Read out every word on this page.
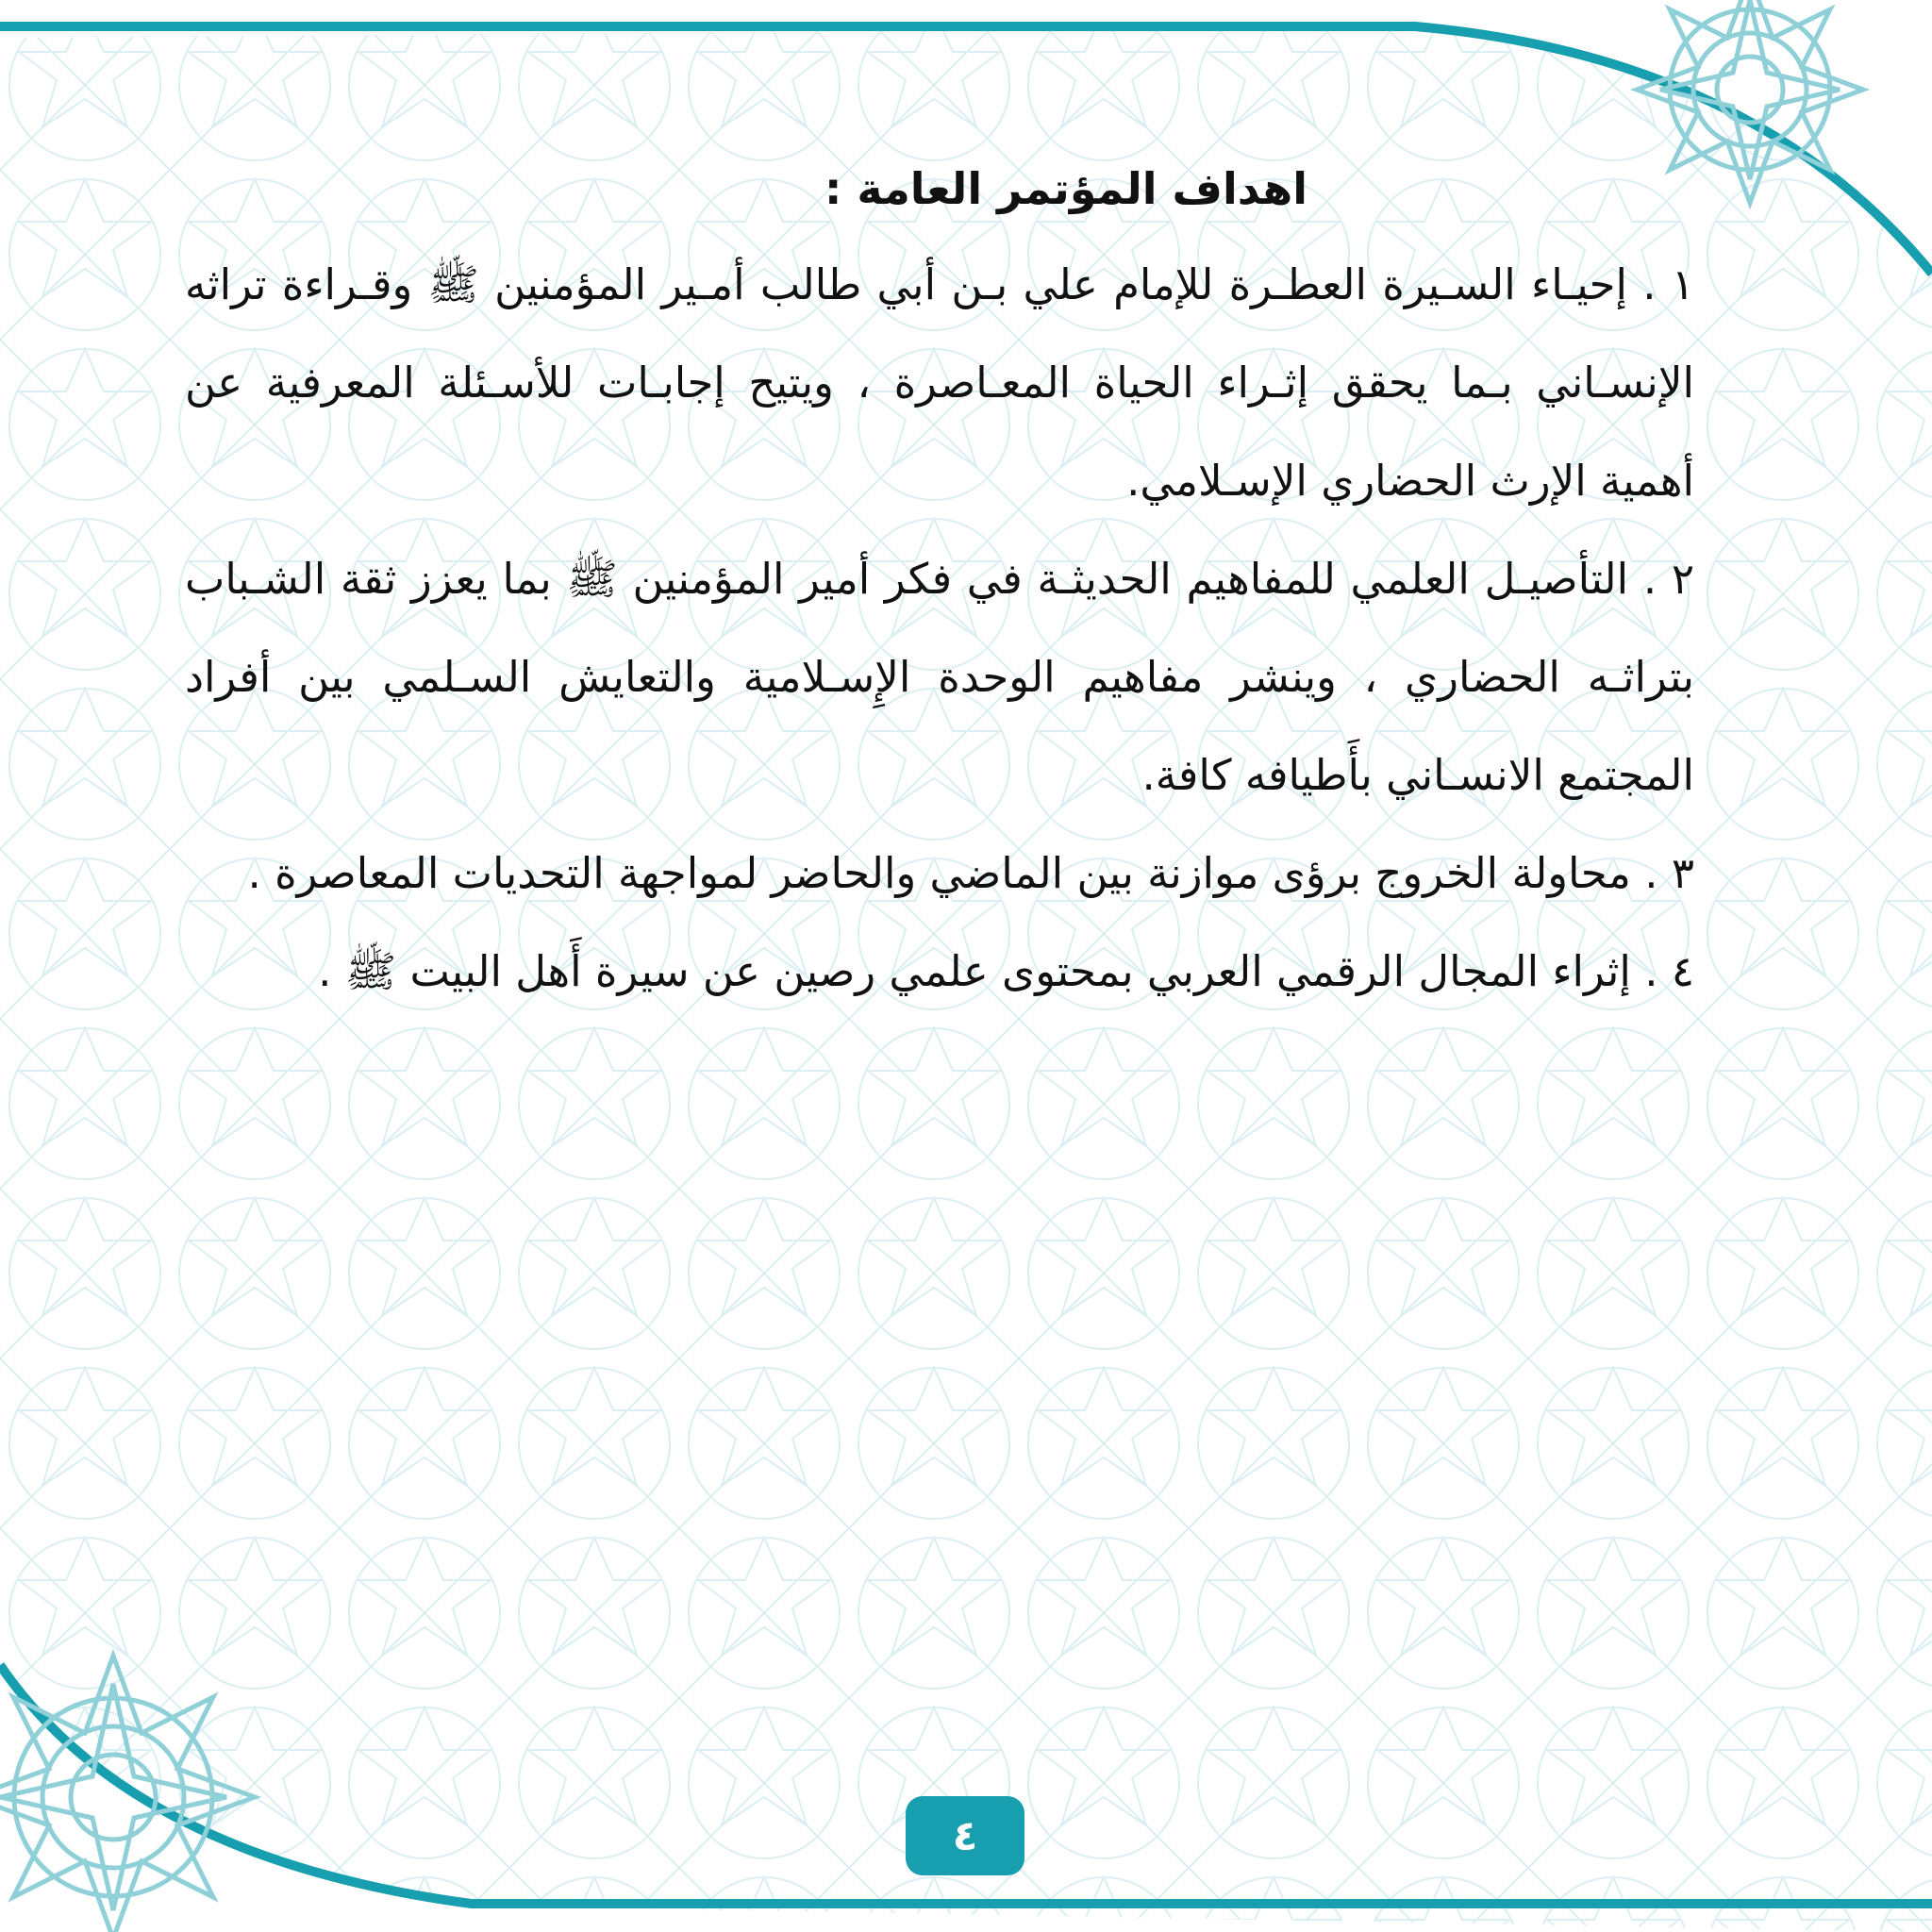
اهداف المؤتمر العامة :

١ . إحيـاء السـيرة العطـرة للإمام علي بـن أبي طالب أمـير المؤمنين ﷺ وقـراءة تراثه الإنسـاني بـما يحقق إثـراء الحياة المعـاصرة ، ويتيح إجابـات للأسـئلة المعرفية عن أهمية الإرث الحضاري الإسـلامي.

٢ . التأصيـل العلمي للمفاهيم الحديثـة في فكر أمير المؤمنين ﷺ بما يعزز ثقة الشـباب بتراثـه الحضاري ، وينشر مفاهيم الوحدة الإِسـلامية والتعايش السـلمي بين أفراد المجتمع الانسـاني بأَطيافه كافة.

٣ . محاولة الخروج برؤى موازنة بين الماضي والحاضر لمواجهة التحديات المعاصرة .

٤ . إثراء المجال الرقمي العربي بمحتوى علمي رصين عن سيرة أَهل البيت ﷺ .

٤
